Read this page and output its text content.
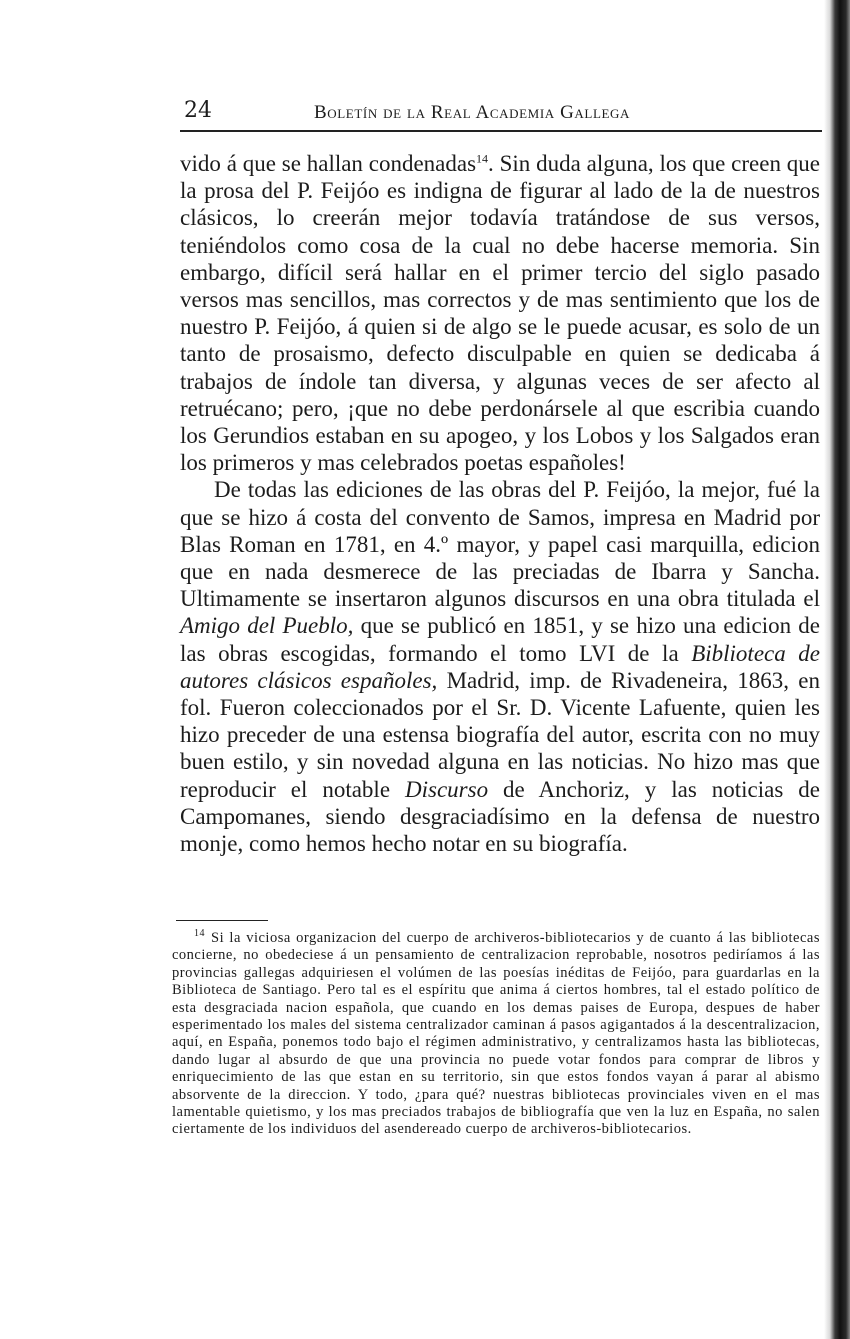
24	Boletín de la Real Academia Gallega

vido á que se hallan condenadas$^{14}$. Sin duda alguna, los que creen que la prosa del P. Feijóo es indigna de figurar al lado de la de nuestros clásicos, lo creerán mejor todavía tratándose de sus versos, teniéndolos como cosa de la cual no debe hacerse memoria. Sin embargo, difícil será hallar en el primer tercio del siglo pasado versos mas sencillos, mas correctos y de mas sentimiento que los de nuestro P. Feijóo, á quien si de algo se le puede acusar, es solo de un tanto de prosaismo, defecto disculpable en quien se dedicaba á trabajos de índole tan diversa, y algunas veces de ser afecto al retruécano; pero, ¡que no debe perdonársele al que escribia cuando los Gerundios estaban en su apogeo, y los Lobos y los Salgados eran los primeros y mas celebrados poetas españoles!

De todas las ediciones de las obras del P. Feijóo, la mejor, fué la que se hizo á costa del convento de Samos, impresa en Madrid por Blas Roman en 1781, en 4.º mayor, y papel casi marquilla, edicion que en nada desmerece de las preciadas de Ibarra y Sancha. Ultimamente se insertaron algunos discursos en una obra titulada el Amigo del Pueblo, que se publicó en 1851, y se hizo una edicion de las obras escogidas, formando el tomo LVI de la Biblioteca de autores clásicos españoles, Madrid, imp. de Rivadeneira, 1863, en fol. Fueron coleccionados por el Sr. D. Vicente Lafuente, quien les hizo preceder de una estensa biografía del autor, escrita con no muy buen estilo, y sin novedad alguna en las noticias. No hizo mas que reproducir el notable Discurso de Anchoriz, y las noticias de Campomanes, siendo desgraciadísimo en la defensa de nuestro monje, como hemos hecho notar en su biografía.

$^{14}$ Si la viciosa organizacion del cuerpo de archiveros-bibliotecarios y de cuanto á las bibliotecas concierne, no obedeciese á un pensamiento de centralizacion reprobable, nosotros pediríamos á las provincias gallegas adquiriesen el volúmen de las poesías inéditas de Feijóo, para guardarlas en la Biblioteca de Santiago. Pero tal es el espíritu que anima á ciertos hombres, tal el estado político de esta desgraciada nacion española, que cuando en los demas paises de Europa, despues de haber esperimentado los males del sistema centralizador caminan á pasos agigantados á la descentralizacion, aquí, en España, ponemos todo bajo el régimen administrativo, y centralizamos hasta las bibliotecas, dando lugar al absurdo de que una provincia no puede votar fondos para comprar de libros y enriquecimiento de las que estan en su territorio, sin que estos fondos vayan á parar al abismo absorvente de la direccion. Y todo, ¿para qué? nuestras bibliotecas provinciales viven en el mas lamentable quietismo, y los mas preciados trabajos de bibliografía que ven la luz en España, no salen ciertamente de los individuos del asendereado cuerpo de archiveros-bibliotecarios.
